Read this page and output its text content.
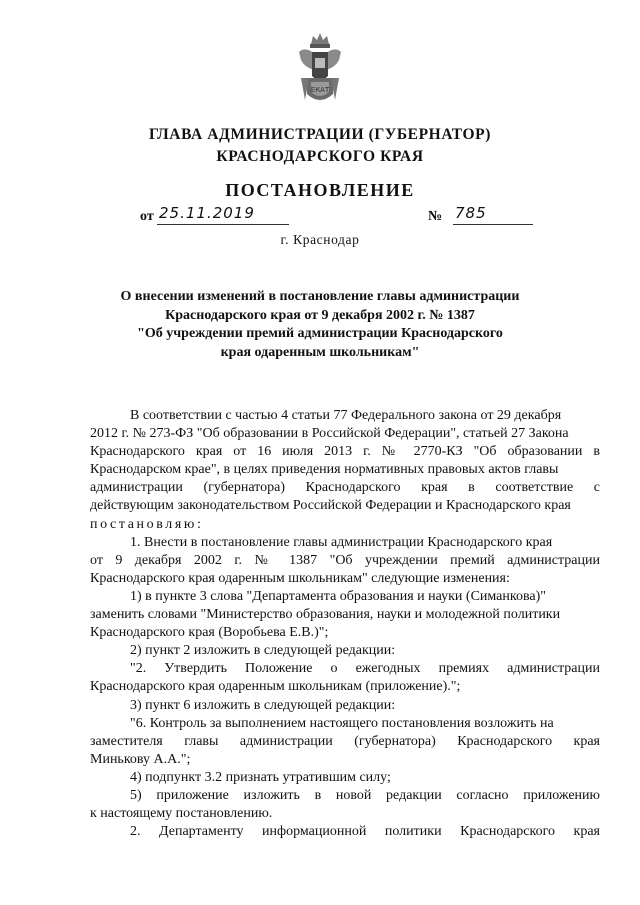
ЕКАТ
ГЛАВА АДМИНИСТРАЦИИ (ГУБЕРНАТОР)
КРАСНОДАРСКОГО КРАЯ
ПОСТАНОВЛЕНИЕ
от 25.11.2019	№ 785
г. Краснодар
О внесении изменений в постановление главы администрации
Краснодарского края от 9 декабря 2002 г. № 1387
"Об учреждении премий администрации Краснодарского
края одаренным школьникам"
В соответствии с частью 4 статьи 77 Федерального закона от 29 декабря
2012 г. № 273-ФЗ "Об образовании в Российской Федерации", статьей 27 Закона
Краснодарского края от 16 июля 2013 г. № 2770-КЗ "Об образовании в
Краснодарском крае", в целях приведения нормативных правовых актов главы
администрации (губернатора) Краснодарского края в соответствие с
действующим законодательством Российской Федерации и Краснодарского края
постановляю:
1. Внести в постановление главы администрации Краснодарского края
от 9 декабря 2002 г. № 1387 "Об учреждении премий администрации
Краснодарского края одаренным школьникам" следующие изменения:
1) в пункте 3 слова "Департамента образования и науки (Симанкова)"
заменить словами "Министерство образования, науки и молодежной политики
Краснодарского края (Воробьева Е.В.)";
2) пункт 2 изложить в следующей редакции:
"2. Утвердить Положение о ежегодных премиях администрации
Краснодарского края одаренным школьникам (приложение).";
3) пункт 6 изложить в следующей редакции:
"6. Контроль за выполнением настоящего постановления возложить на
заместителя главы администрации (губернатора) Краснодарского края
Минькову А.А.";
4) подпункт 3.2 признать утратившим силу;
5) приложение изложить в новой редакции согласно приложению
к настоящему постановлению.
2. Департаменту информационной политики Краснодарского края
